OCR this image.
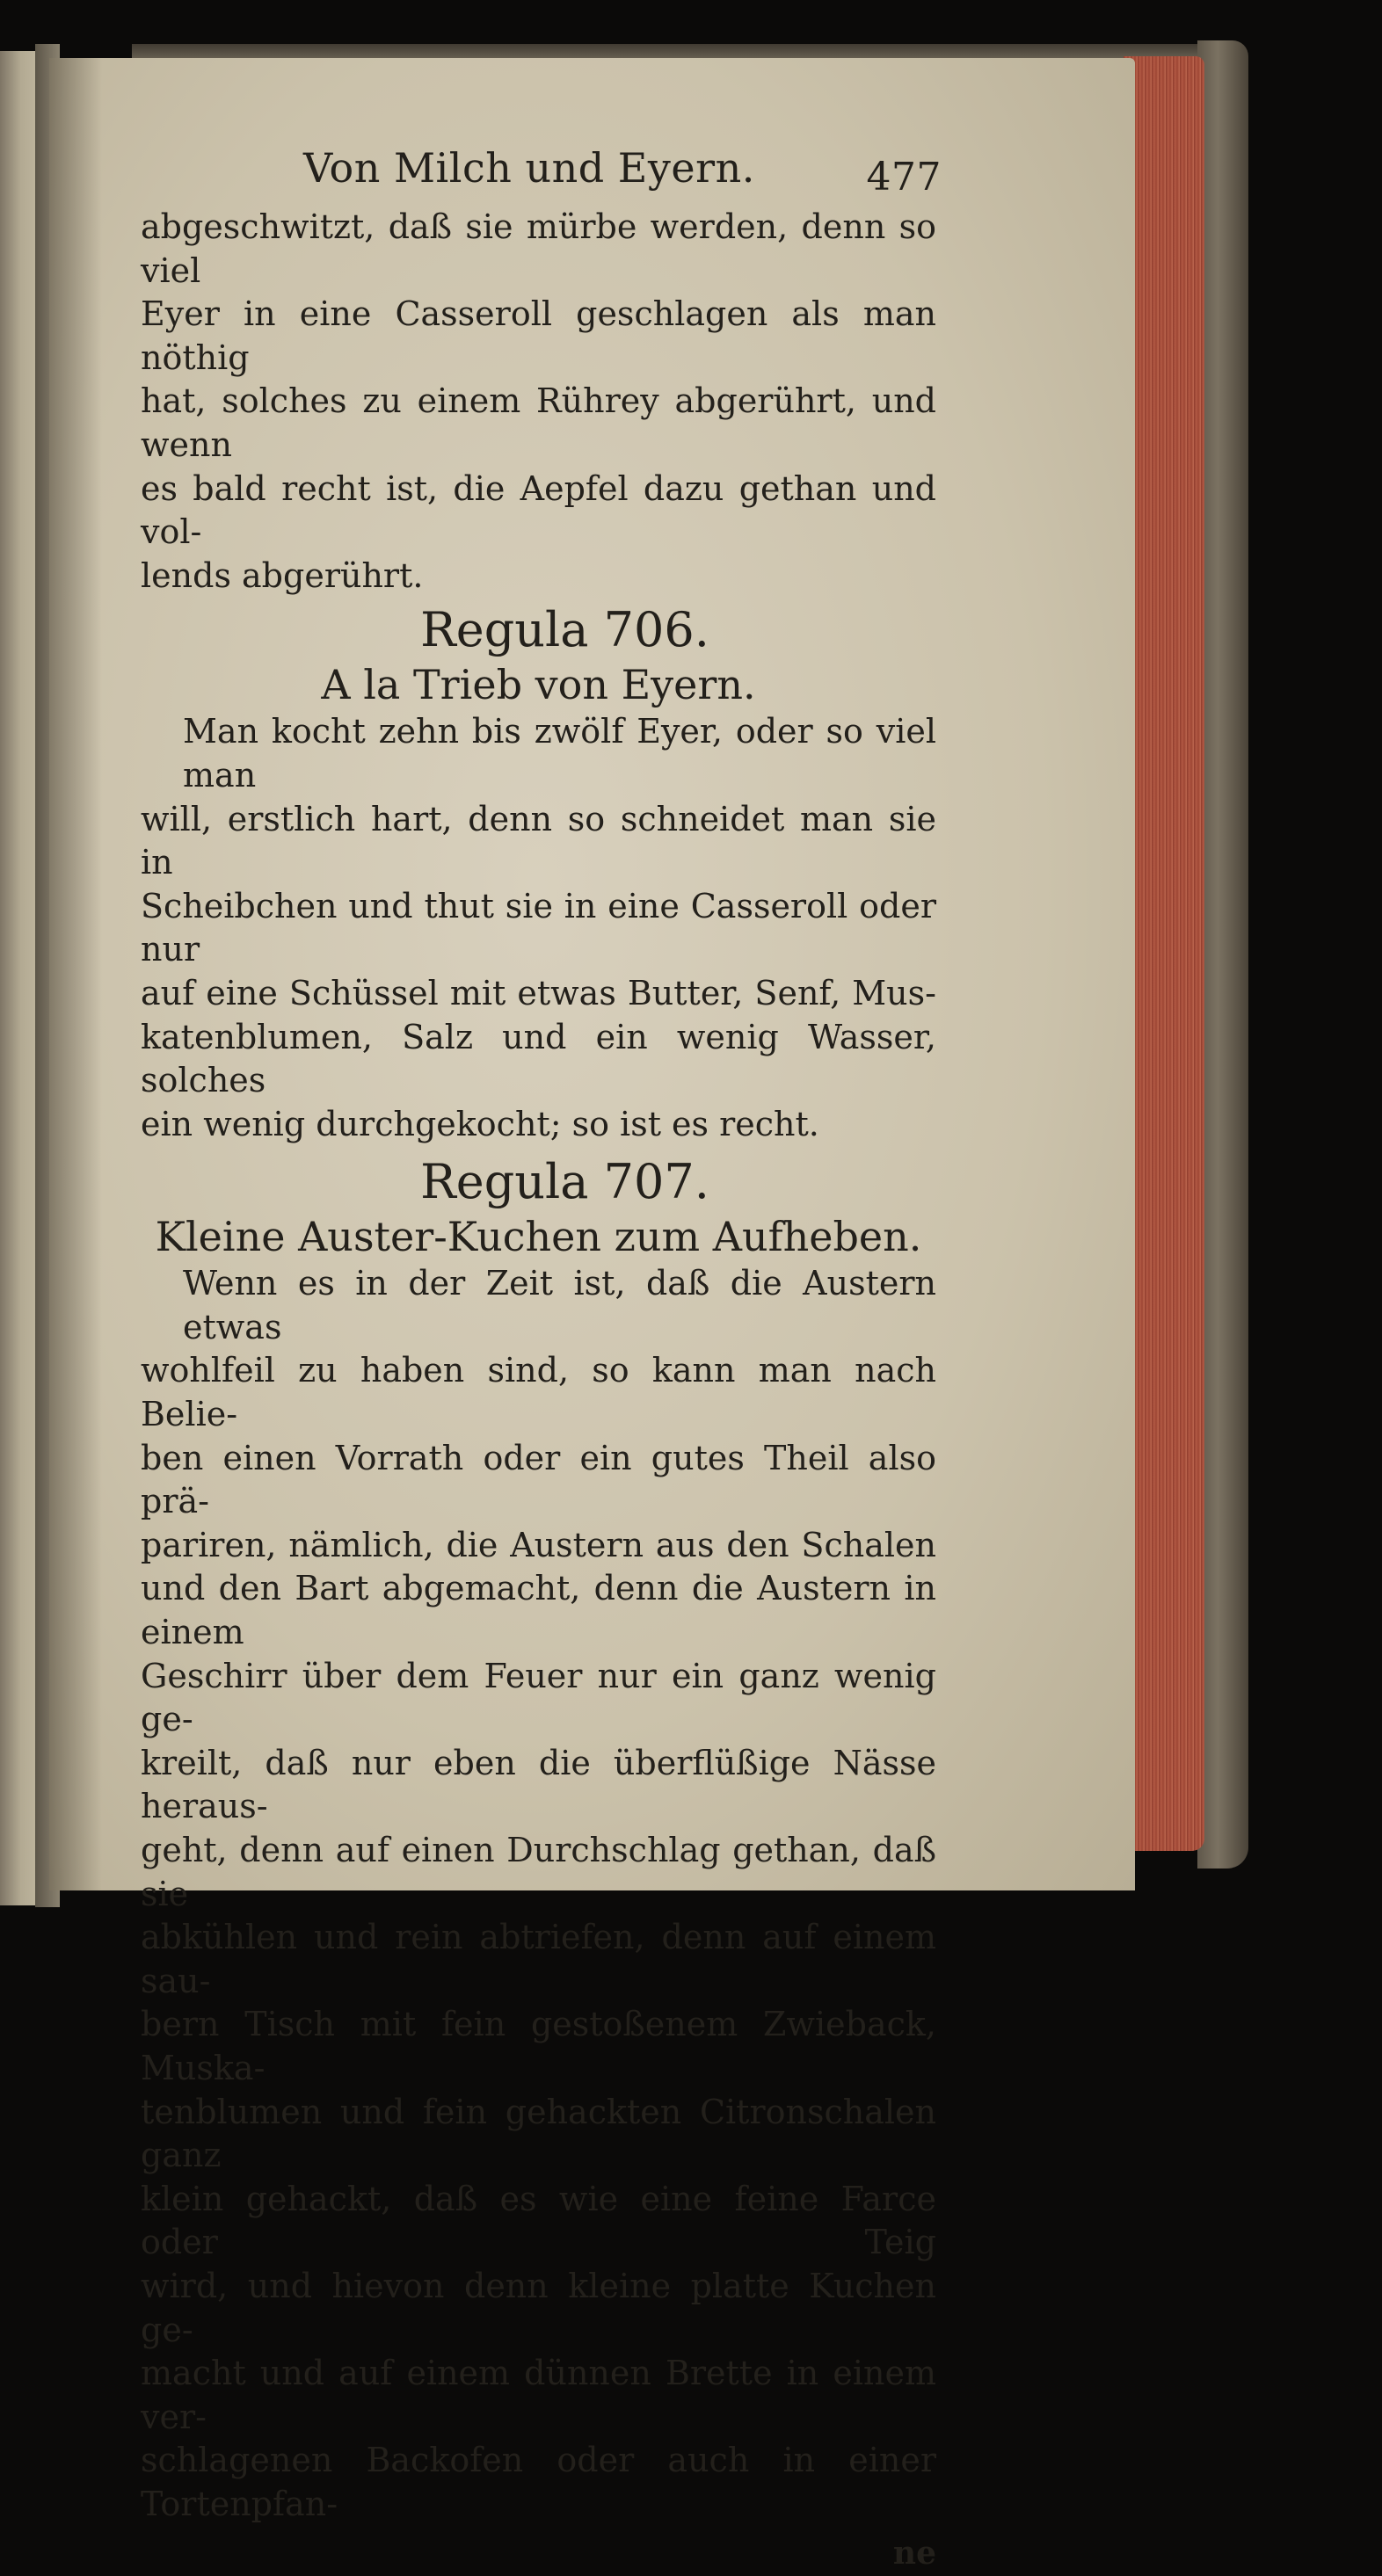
Von Milch und Eyern.	477

abgeschwitzt, daß sie mürbe werden, denn so viel
Eyer in eine Casseroll geschlagen als man nöthig
hat, solches zu einem Rührey abgerührt, und wenn
es bald recht ist, die Aepfel dazu gethan und vol-
lends abgerührt.

Regula 706.

A la Trieb von Eyern.

Man kocht zehn bis zwölf Eyer, oder so viel man
will, erstlich hart, denn so schneidet man sie in
Scheibchen und thut sie in eine Casseroll oder nur
auf eine Schüssel mit etwas Butter, Senf, Mus-
katenblumen, Salz und ein wenig Wasser, solches
ein wenig durchgekocht; so ist es recht.

Regula 707.

Kleine Auster-Kuchen zum Aufheben.

Wenn es in der Zeit ist, daß die Austern etwas
wohlfeil zu haben sind, so kann man nach Belie-
ben einen Vorrath oder ein gutes Theil also prä-
pariren, nämlich, die Austern aus den Schalen
und den Bart abgemacht, denn die Austern in einem
Geschirr über dem Feuer nur ein ganz wenig ge-
kreilt, daß nur eben die überflüßige Nässe heraus-
geht, denn auf einen Durchschlag gethan, daß sie
abkühlen und rein abtriefen, denn auf einem sau-
bern Tisch mit fein gestoßenem Zwieback, Muska-
tenblumen und fein gehackten Citronschalen ganz
klein gehackt, daß es wie eine feine Farce oder Teig
wird, und hievon denn kleine platte Kuchen ge-
macht und auf einem dünnen Brette in einem ver-
schlagenen Backofen oder auch in einer Tortenpfan-

ne
